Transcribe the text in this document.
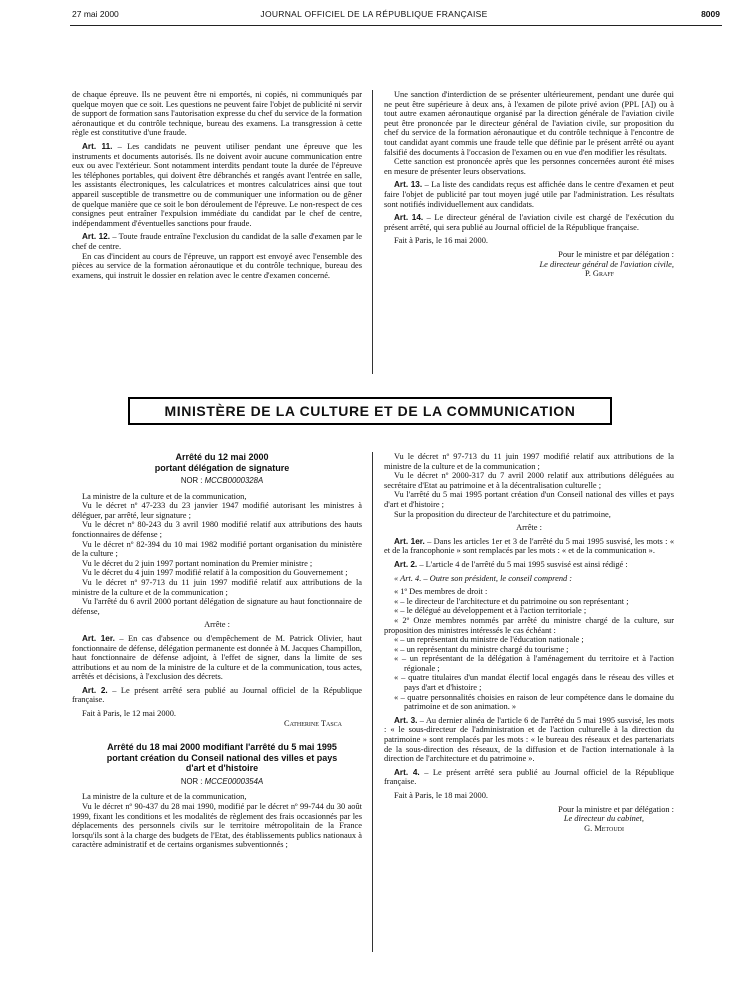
27 mai 2000	JOURNAL OFFICIEL DE LA RÉPUBLIQUE FRANÇAISE	8009

de chaque épreuve. Ils ne peuvent être ni emportés, ni copiés, ni communiqués par quelque moyen que ce soit. Les questions ne peuvent faire l'objet de publicité ni servir de support de formation sans l'autorisation expresse du chef du service de la formation aéronautique et du contrôle technique, bureau des examens. La transgression à cette règle est constitutive d'une fraude.

Art. 11. – Les candidats ne peuvent utiliser pendant une épreuve que les instruments et documents autorisés. Ils ne doivent avoir aucune communication entre eux ou avec l'extérieur. Sont notamment interdits pendant toute la durée de l'épreuve les téléphones portables, qui doivent être débranchés et rangés avant l'entrée en salle, les assistants électroniques, les calculatrices et montres calculatrices ainsi que tout appareil susceptible de transmettre ou de communiquer une information ou de gêner de quelque manière que ce soit le bon déroulement de l'épreuve. Le non-respect de ces consignes peut entraîner l'expulsion immédiate du candidat par le chef de centre, indépendamment d'éventuelles sanctions pour fraude.

Art. 12. – Toute fraude entraîne l'exclusion du candidat de la salle d'examen par le chef de centre.

En cas d'incident au cours de l'épreuve, un rapport est envoyé avec l'ensemble des pièces au service de la formation aéronautique et du contrôle technique, bureau des examens, qui instruit le dossier en relation avec le centre d'examen concerné.

Une sanction d'interdiction de se présenter ultérieurement, pendant une durée qui ne peut être supérieure à deux ans, à l'examen de pilote privé avion (PPL [A]) ou à tout autre examen aéronautique organisé par la direction générale de l'aviation civile peut être prononcée par le directeur général de l'aviation civile, sur proposition du chef du service de la formation aéronautique et du contrôle technique à l'encontre de tout candidat ayant commis une fraude telle que définie par le présent arrêté ou ayant falsifié des documents à l'occasion de l'examen ou en vue d'en modifier les résultats.

Cette sanction est prononcée après que les personnes concernées auront été mises en mesure de présenter leurs observations.

Art. 13. – La liste des candidats reçus est affichée dans le centre d'examen et peut faire l'objet de publicité par tout moyen jugé utile par l'administration. Les résultats sont notifiés individuellement aux candidats.

Art. 14. – Le directeur général de l'aviation civile est chargé de l'exécution du présent arrêté, qui sera publié au Journal officiel de la République française.

Fait à Paris, le 16 mai 2000.

Pour le ministre et par délégation :

Le directeur général de l'aviation civile,

P. Graff

MINISTÈRE DE LA CULTURE ET DE LA COMMUNICATION

Arrêté du 12 mai 2000

portant délégation de signature

NOR : MCCB0000328A

La ministre de la culture et de la communication,

Vu le décret nº 47-233 du 23 janvier 1947 modifié autorisant les ministres à déléguer, par arrêté, leur signature ;

Vu le décret nº 80-243 du 3 avril 1980 modifié relatif aux attributions des hauts fonctionnaires de défense ;

Vu le décret nº 82-394 du 10 mai 1982 modifié portant organisation du ministère de la culture ;

Vu le décret du 2 juin 1997 portant nomination du Premier ministre ;

Vu le décret du 4 juin 1997 modifié relatif à la composition du Gouvernement ;

Vu le décret nº 97-713 du 11 juin 1997 modifié relatif aux attributions de la ministre de la culture et de la communication ;

Vu l'arrêté du 6 avril 2000 portant délégation de signature au haut fonctionnaire de défense,

Arrête :

Art. 1er. – En cas d'absence ou d'empêchement de M. Patrick Olivier, haut fonctionnaire de défense, délégation permanente est donnée à M. Jacques Champillon, haut fonctionnaire de défense adjoint, à l'effet de signer, dans la limite de ses attributions et au nom de la ministre de la culture et de la communication, tous actes, arrêtés et décisions, à l'exclusion des décrets.

Art. 2. – Le présent arrêté sera publié au Journal officiel de la République française.

Fait à Paris, le 12 mai 2000.

Catherine Tasca

Arrêté du 18 mai 2000 modifiant l'arrêté du 5 mai 1995

portant création du Conseil national des villes et pays

d'art et d'histoire

NOR : MCCE0000354A

La ministre de la culture et de la communication,

Vu le décret nº 90-437 du 28 mai 1990, modifié par le décret nº 99-744 du 30 août 1999, fixant les conditions et les modalités de règlement des frais occasionnés par les déplacements des personnels civils sur le territoire métropolitain de la France lorsqu'ils sont à la charge des budgets de l'Etat, des établissements publics nationaux à caractère administratif et de certains organismes subventionnés ;

Vu le décret nº 97-713 du 11 juin 1997 modifié relatif aux attributions de la ministre de la culture et de la communication ;

Vu le décret nº 2000-317 du 7 avril 2000 relatif aux attributions déléguées au secrétaire d'Etat au patrimoine et à la décentralisation culturelle ;

Vu l'arrêté du 5 mai 1995 portant création d'un Conseil national des villes et pays d'art et d'histoire ;

Sur la proposition du directeur de l'architecture et du patrimoine,

Arrête :

Art. 1er. – Dans les articles 1er et 3 de l'arrêté du 5 mai 1995 susvisé, les mots : « et de la francophonie » sont remplacés par les mots : « et de la communication ».

Art. 2. – L'article 4 de l'arrêté du 5 mai 1995 susvisé est ainsi rédigé :

« Art. 4. – Outre son président, le conseil comprend :

« 1º Des membres de droit :

« – le directeur de l'architecture et du patrimoine ou son représentant ;

« – le délégué au développement et à l'action territoriale ;

« 2º Onze membres nommés par arrêté du ministre chargé de la culture, sur proposition des ministres intéressés le cas échéant :

« – un représentant du ministre de l'éducation nationale ;

« – un représentant du ministre chargé du tourisme ;

« – un représentant de la délégation à l'aménagement du territoire et à l'action régionale ;

« – quatre titulaires d'un mandat électif local engagés dans le réseau des villes et pays d'art et d'histoire ;

« – quatre personnalités choisies en raison de leur compétence dans le domaine du patrimoine et de son animation. »

Art. 3. – Au dernier alinéa de l'article 6 de l'arrêté du 5 mai 1995 susvisé, les mots : « le sous-directeur de l'administration et de l'action culturelle à la direction du patrimoine » sont remplacés par les mots : « le bureau des réseaux et des partenariats de la sous-direction des réseaux, de la diffusion et de l'action internationale à la direction de l'architecture et du patrimoine ».

Art. 4. – Le présent arrêté sera publié au Journal officiel de la République française.

Fait à Paris, le 18 mai 2000.

Pour la ministre et par délégation :

Le directeur du cabinet,

G. Metoudi
